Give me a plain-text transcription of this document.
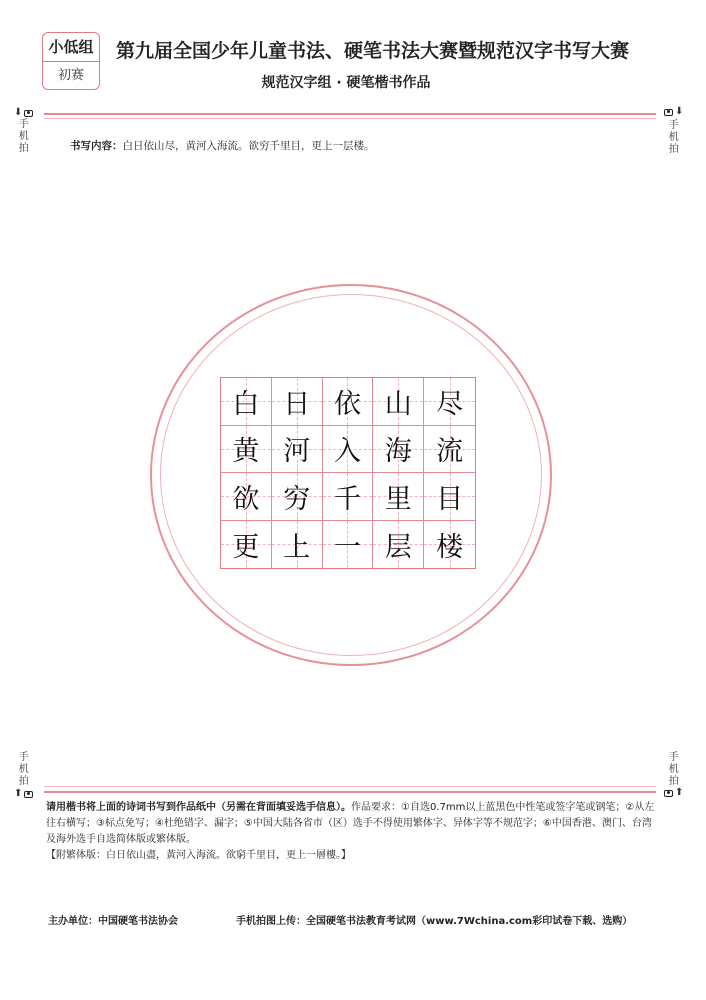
小低组
初赛
第九届全国少年儿童书法、硬笔书法大赛暨规范汉字书写大赛
规范汉字组 · 硬笔楷书作品
⬇
手机拍
⬇
手机拍
书写内容：白日依山尽，黄河入海流。欲穷千里目，更上一层楼。
白 日 依 山 尽
黄 河 入 海 流
欲 穷 千 里 目
更 上 一 层 楼
手机拍
⬆
手机拍
⬆

请用楷书将上面的诗词书写到作品纸中（另需在背面填妥选手信息）。作品要求：①自选0.7mm以上蓝黑色中性笔或签字笔或钢笔；②从左往右横写；③标点免写；④杜绝错字、漏字；⑤中国大陆各省市（区）选手不得使用繁体字、异体字等不规范字；⑥中国香港、澳门、台湾及海外选手自选简体版或繁体版。

【附繁体版：白日依山盡，黃河入海流。欲窮千里目，更上一層樓。】

主办单位：中国硬笔书法协会	手机拍图上传：全国硬笔书法教育考试网（www.7Wchina.com彩印试卷下载、选购）
